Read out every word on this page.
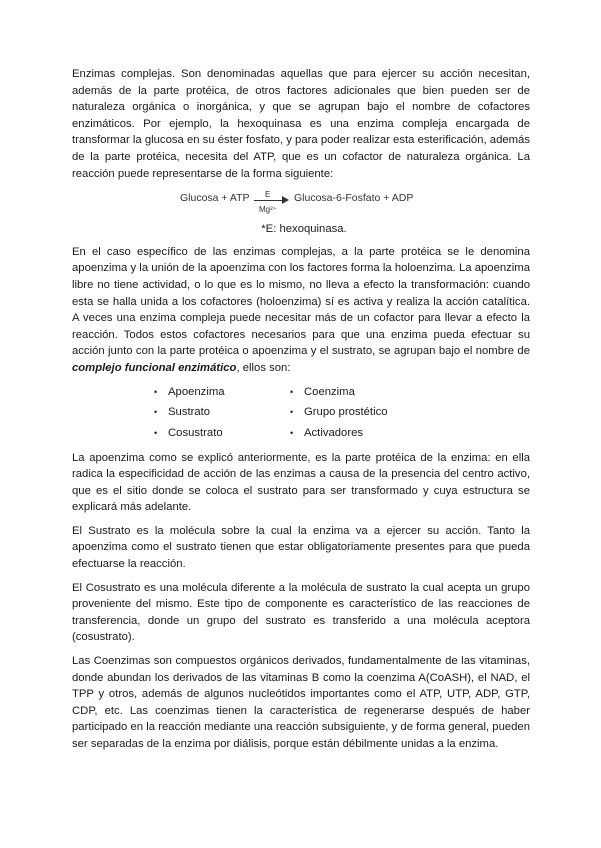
Enzimas complejas. Son denominadas aquellas que para ejercer su acción necesitan, además de la parte protéica, de otros factores adicionales que bien pueden ser de naturaleza orgánica o inorgánica, y que se agrupan bajo el nombre de cofactores enzimáticos. Por ejemplo, la hexoquinasa es una enzima compleja encargada de transformar la glucosa en su éster fosfato, y para poder realizar esta esterificación, además de la parte protéica, necesita del ATP, que es un cofactor de naturaleza orgánica. La reacción puede representarse de la forma siguiente:

Glucosa + ATP E
Mg²⁺
Glucosa-6-Fosfato + ADP
*E: hexoquinasa.

En el caso específico de las enzimas complejas, a la parte protéica se le denomina apoenzima y la unión de la apoenzima con los factores forma la holoenzima. La apoenzima libre no tiene actividad, o lo que es lo mismo, no lleva a efecto la transformación: cuando esta se halla unida a los cofactores (holoenzima) sí es activa y realiza la acción catalítica. A veces una enzima compleja puede necesitar más de un cofactor para llevar a efecto la reacción. Todos estos cofactores necesarios para que una enzima pueda efectuar su acción junto con la parte protéica o apoenzima y el sustrato, se agrupan bajo el nombre de complejo funcional enzimático, ellos son:

• Apoenzima
• Sustrato
• Cosustrato
• Coenzima
• Grupo prostético
• Activadores

La apoenzima como se explicó anteriormente, es la parte protéica de la enzima: en ella radica la especificidad de acción de las enzimas a causa de la presencia del centro activo, que es el sitio donde se coloca el sustrato para ser transformado y cuya estructura se explicará más adelante.

El Sustrato es la molécula sobre la cual la enzima va a ejercer su acción. Tanto la apoenzima como el sustrato tienen que estar obligatoriamente presentes para que pueda efectuarse la reacción.

El Cosustrato es una molécula diferente a la molécula de sustrato la cual acepta un grupo proveniente del mismo. Este tipo de componente es característico de las reacciones de transferencia, donde un grupo del sustrato es transferido a una molécula aceptora (cosustrato).

Las Coenzimas son compuestos orgánicos derivados, fundamentalmente de las vitaminas, donde abundan los derivados de las vitaminas B como la coenzima A(CoASH), el NAD, el TPP y otros, además de algunos nucleótidos importantes como el ATP, UTP, ADP, GTP, CDP, etc. Las coenzimas tienen la característica de regenerarse después de haber participado en la reacción mediante una reacción subsiguiente, y de forma general, pueden ser separadas de la enzima por diálisis, porque están débilmente unidas a la enzima.
